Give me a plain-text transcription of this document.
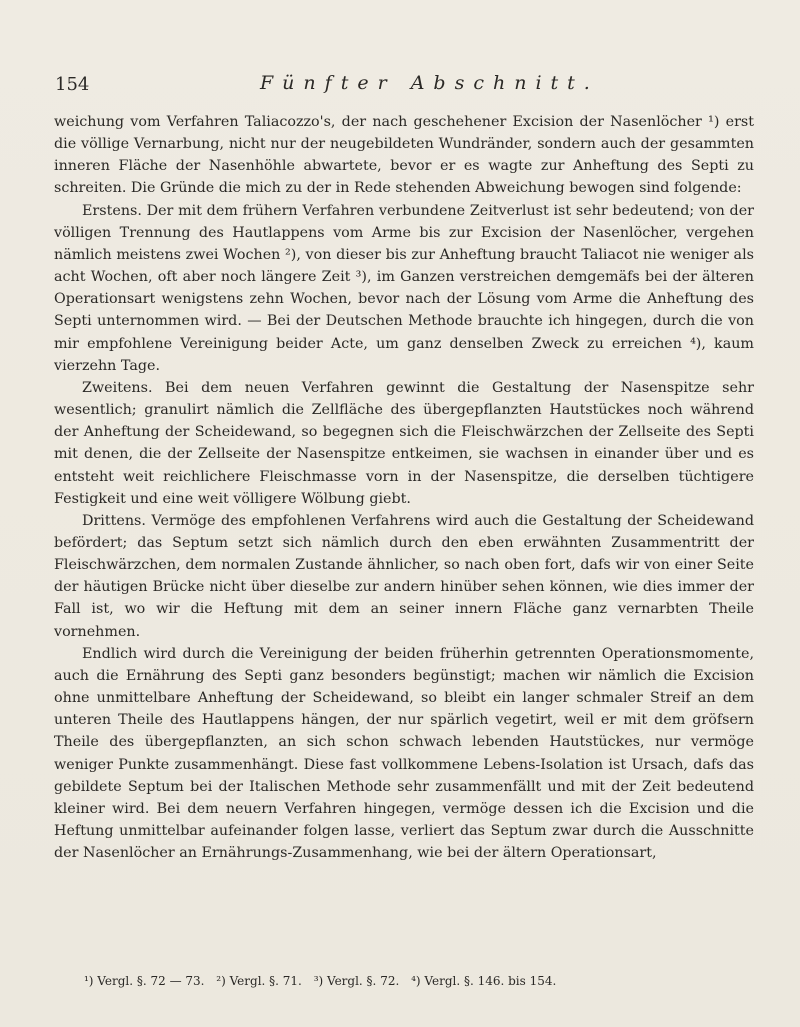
154	Fünfter Abschnitt.

weichung vom Verfahren Taliacozzo's, der nach geschehener Excision der Nasenlöcher ¹) erst die völlige Vernarbung, nicht nur der neugebildeten Wundränder, sondern auch der gesammten inneren Fläche der Nasenhöhle abwartete, bevor er es wagte zur Anheftung des Septi zu schreiten. Die Gründe die mich zu der in Rede stehenden Abweichung bewogen sind folgende:

Erstens. Der mit dem frühern Verfahren verbundene Zeitverlust ist sehr bedeutend; von der völligen Trennung des Hautlappens vom Arme bis zur Excision der Nasenlöcher, vergehen nämlich meistens zwei Wochen ²), von dieser bis zur Anheftung braucht Taliacot nie weniger als acht Wochen, oft aber noch längere Zeit ³), im Ganzen verstreichen demgemäfs bei der älteren Operationsart wenigstens zehn Wochen, bevor nach der Lösung vom Arme die Anheftung des Septi unternommen wird. — Bei der Deutschen Methode brauchte ich hingegen, durch die von mir empfohlene Vereinigung beider Acte, um ganz denselben Zweck zu erreichen ⁴), kaum vierzehn Tage.

Zweitens. Bei dem neuen Verfahren gewinnt die Gestaltung der Nasenspitze sehr wesentlich; granulirt nämlich die Zellfläche des übergepflanzten Hautstückes noch während der Anheftung der Scheidewand, so begegnen sich die Fleischwärzchen der Zellseite des Septi mit denen, die der Zellseite der Nasenspitze entkeimen, sie wachsen in einander über und es entsteht weit reichlichere Fleischmasse vorn in der Nasenspitze, die derselben tüchtigere Festigkeit und eine weit völligere Wölbung giebt.

Drittens. Vermöge des empfohlenen Verfahrens wird auch die Gestaltung der Scheidewand befördert; das Septum setzt sich nämlich durch den eben erwähnten Zusammentritt der Fleischwärzchen, dem normalen Zustande ähnlicher, so nach oben fort, dafs wir von einer Seite der häutigen Brücke nicht über dieselbe zur andern hinüber sehen können, wie dies immer der Fall ist, wo wir die Heftung mit dem an seiner innern Fläche ganz vernarbten Theile vornehmen.

Endlich wird durch die Vereinigung der beiden früherhin getrennten Operationsmomente, auch die Ernährung des Septi ganz besonders begünstigt; machen wir nämlich die Excision ohne unmittelbare Anheftung der Scheidewand, so bleibt ein langer schmaler Streif an dem unteren Theile des Hautlappens hängen, der nur spärlich vegetirt, weil er mit dem gröfsern Theile des übergepflanzten, an sich schon schwach lebenden Hautstückes, nur vermöge weniger Punkte zusammenhängt. Diese fast vollkommene Lebens-Isolation ist Ursach, dafs das gebildete Septum bei der Italischen Methode sehr zusammenfällt und mit der Zeit bedeutend kleiner wird. Bei dem neuern Verfahren hingegen, vermöge dessen ich die Excision und die Heftung unmittelbar aufeinander folgen lasse, verliert das Septum zwar durch die Ausschnitte der Nasenlöcher an Ernährungs-Zusammenhang, wie bei der ältern Operationsart,

¹) Vergl. §. 72 — 73. ²) Vergl. §. 71. ³) Vergl. §. 72. ⁴) Vergl. §. 146. bis 154.
